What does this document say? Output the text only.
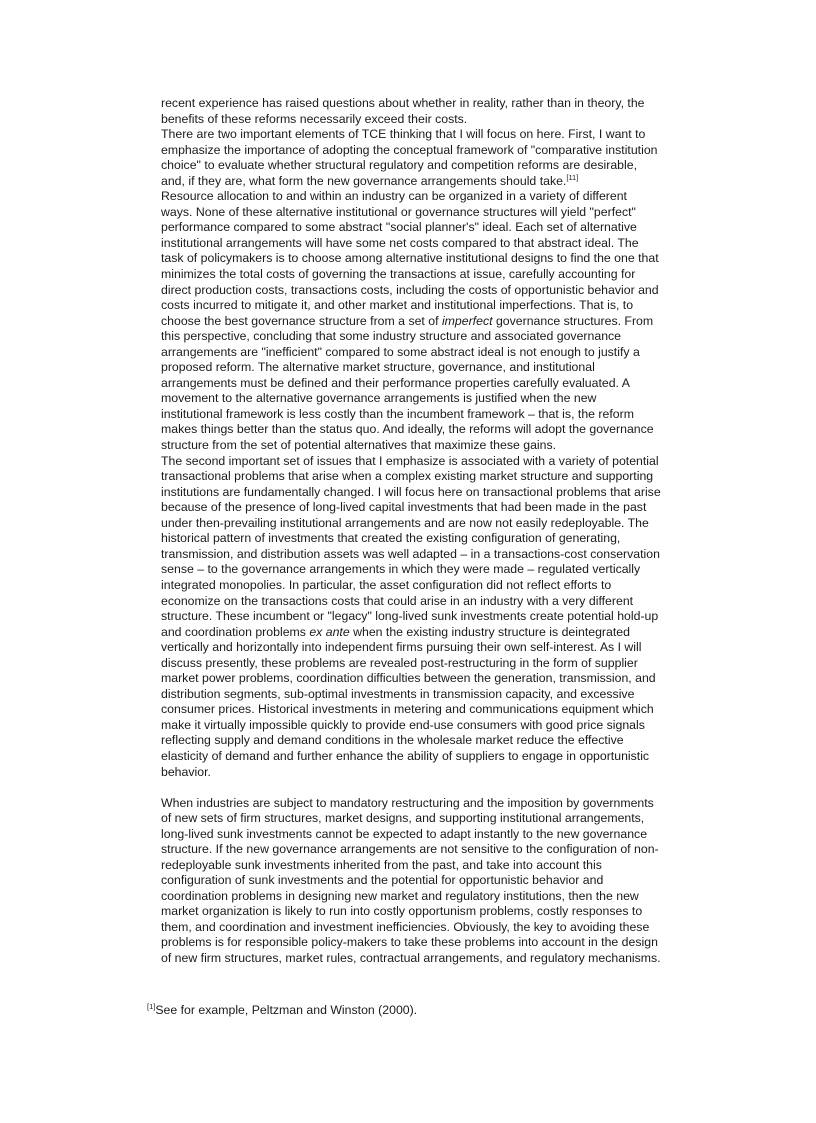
recent experience has raised questions about whether in reality, rather than in theory, the benefits of these reforms necessarily exceed their costs.

There are two important elements of TCE thinking that I will focus on here. First, I want to emphasize the importance of adopting the conceptual framework of "comparative institution choice" to evaluate whether structural regulatory and competition reforms are desirable, and, if they are, what form the new governance arrangements should take.[11]

Resource allocation to and within an industry can be organized in a variety of different ways. None of these alternative institutional or governance structures will yield "perfect" performance compared to some abstract "social planner's" ideal. Each set of alternative institutional arrangements will have some net costs compared to that abstract ideal. The task of policymakers is to choose among alternative institutional designs to find the one that minimizes the total costs of governing the transactions at issue, carefully accounting for direct production costs, transactions costs, including the costs of opportunistic behavior and costs incurred to mitigate it, and other market and institutional imperfections. That is, to choose the best governance structure from a set of imperfect governance structures. From this perspective, concluding that some industry structure and associated governance arrangements are "inefficient" compared to some abstract ideal is not enough to justify a proposed reform. The alternative market structure, governance, and institutional arrangements must be defined and their performance properties carefully evaluated. A movement to the alternative governance arrangements is justified when the new institutional framework is less costly than the incumbent framework – that is, the reform makes things better than the status quo. And ideally, the reforms will adopt the governance structure from the set of potential alternatives that maximize these gains.

The second important set of issues that I emphasize is associated with a variety of potential transactional problems that arise when a complex existing market structure and supporting institutions are fundamentally changed. I will focus here on transactional problems that arise because of the presence of long-lived capital investments that had been made in the past under then-prevailing institutional arrangements and are now not easily redeployable. The historical pattern of investments that created the existing configuration of generating, transmission, and distribution assets was well adapted – in a transactions-cost conservation sense – to the governance arrangements in which they were made – regulated vertically integrated monopolies. In particular, the asset configuration did not reflect efforts to economize on the transactions costs that could arise in an industry with a very different structure. These incumbent or "legacy" long-lived sunk investments create potential hold-up and coordination problems ex ante when the existing industry structure is deintegrated vertically and horizontally into independent firms pursuing their own self-interest. As I will discuss presently, these problems are revealed post-restructuring in the form of supplier market power problems, coordination difficulties between the generation, transmission, and distribution segments, sub-optimal investments in transmission capacity, and excessive consumer prices. Historical investments in metering and communications equipment which make it virtually impossible quickly to provide end-use consumers with good price signals reflecting supply and demand conditions in the wholesale market reduce the effective elasticity of demand and further enhance the ability of suppliers to engage in opportunistic behavior.

When industries are subject to mandatory restructuring and the imposition by governments of new sets of firm structures, market designs, and supporting institutional arrangements, long-lived sunk investments cannot be expected to adapt instantly to the new governance structure. If the new governance arrangements are not sensitive to the configuration of non-redeployable sunk investments inherited from the past, and take into account this configuration of sunk investments and the potential for opportunistic behavior and coordination problems in designing new market and regulatory institutions, then the new market organization is likely to run into costly opportunism problems, costly responses to them, and coordination and investment inefficiencies. Obviously, the key to avoiding these problems is for responsible policy-makers to take these problems into account in the design of new firm structures, market rules, contractual arrangements, and regulatory mechanisms.

[1]See for example, Peltzman and Winston (2000).
